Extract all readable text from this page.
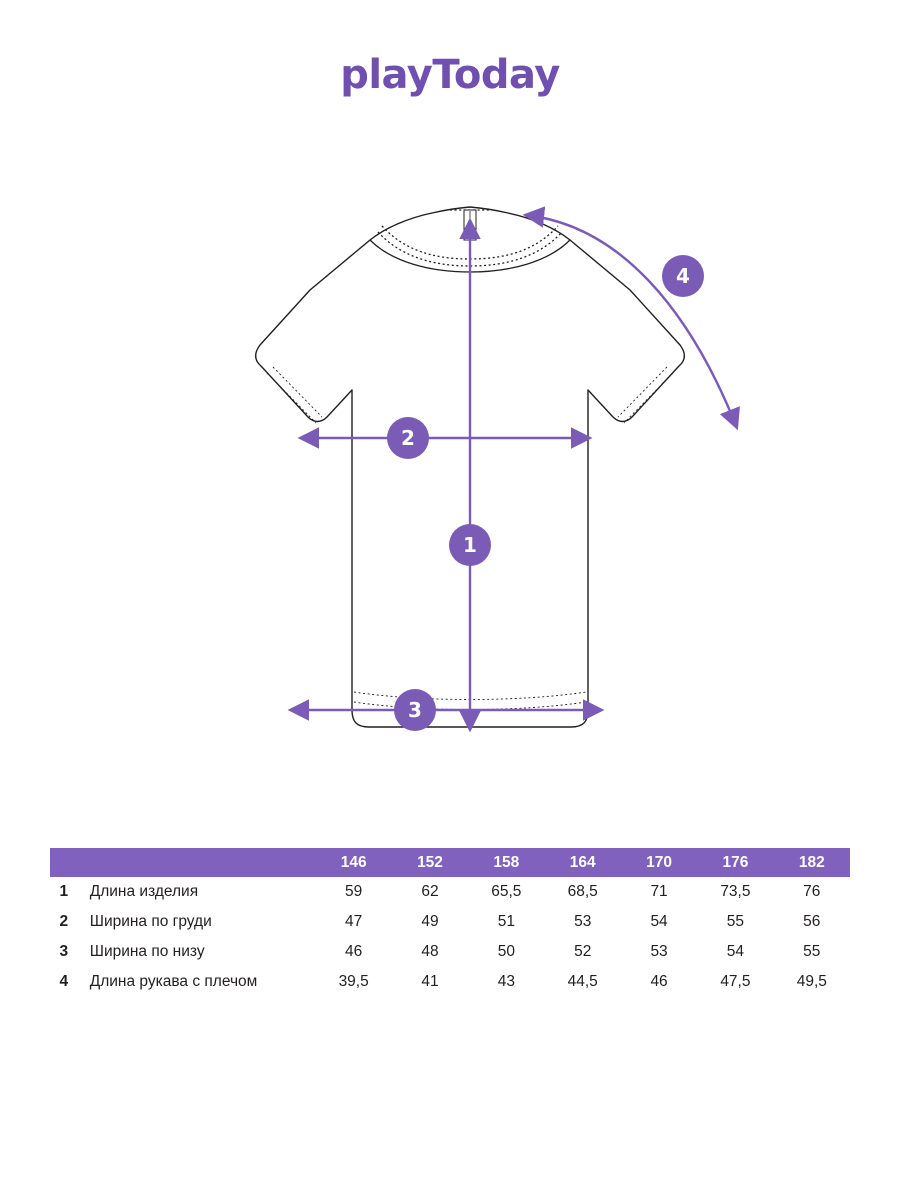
playToday
1
2
3
4
		146	152	158	164	170	176	182
1	Длина изделия	59	62	65,5	68,5	71	73,5	76
2	Ширина по груди	47	49	51	53	54	55	56
3	Ширина по низу	46	48	50	52	53	54	55
4	Длина рукава с плечом	39,5	41	43	44,5	46	47,5	49,5
